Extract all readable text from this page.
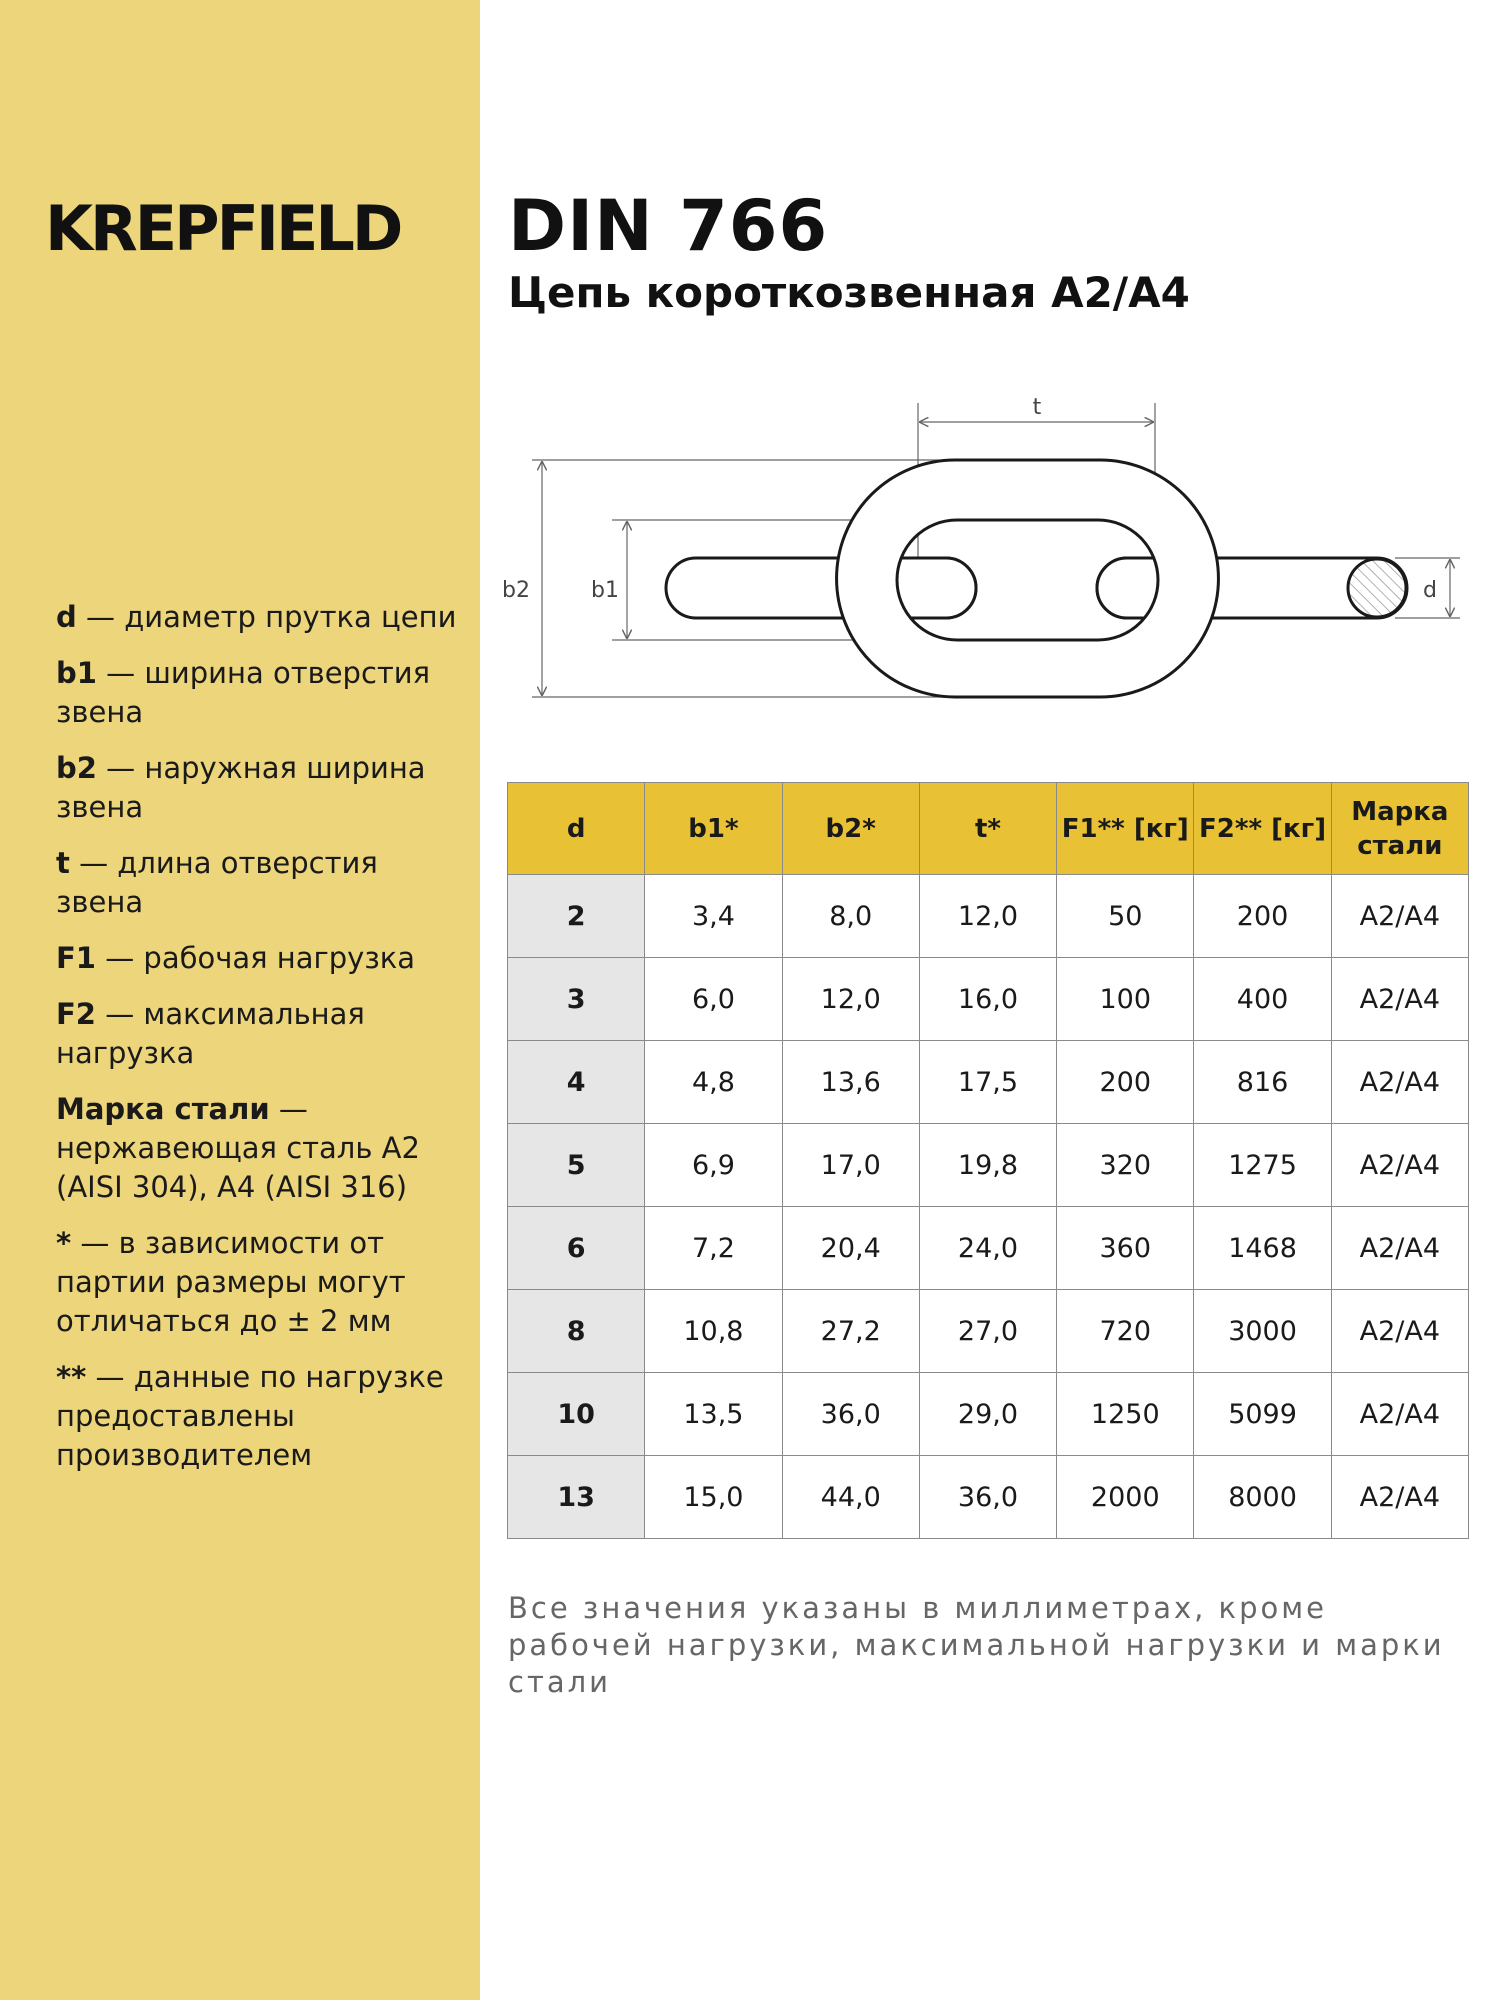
KREPFIELD
d — диаметр прутка цепи
b1 — ширина отверстия звена
b2 — наружная ширина звена
t — длина отверстия звена
F1 — рабочая нагрузка
F2 — максимальная нагрузка
Марка стали — нержавеющая сталь A2 (AISI 304), A4 (AISI 316)
* — в зависимости от партии размеры могут отличаться до ± 2 мм
** — данные по нагрузке предоставлены производителем
DIN 766
Цепь короткозвенная A2/A4
t
b2	b1	d
d	b1*	b2*	t*	F1** [кг]	F2** [кг]	Марка стали
2	3,4	8,0	12,0	50	200	A2/A4
3	6,0	12,0	16,0	100	400	A2/A4
4	4,8	13,6	17,5	200	816	A2/A4
5	6,9	17,0	19,8	320	1275	A2/A4
6	7,2	20,4	24,0	360	1468	A2/A4
8	10,8	27,2	27,0	720	3000	A2/A4
10	13,5	36,0	29,0	1250	5099	A2/A4
13	15,0	44,0	36,0	2000	8000	A2/A4
Все значения указаны в миллиметрах, кроме рабочей нагрузки, максимальной нагрузки и марки стали
